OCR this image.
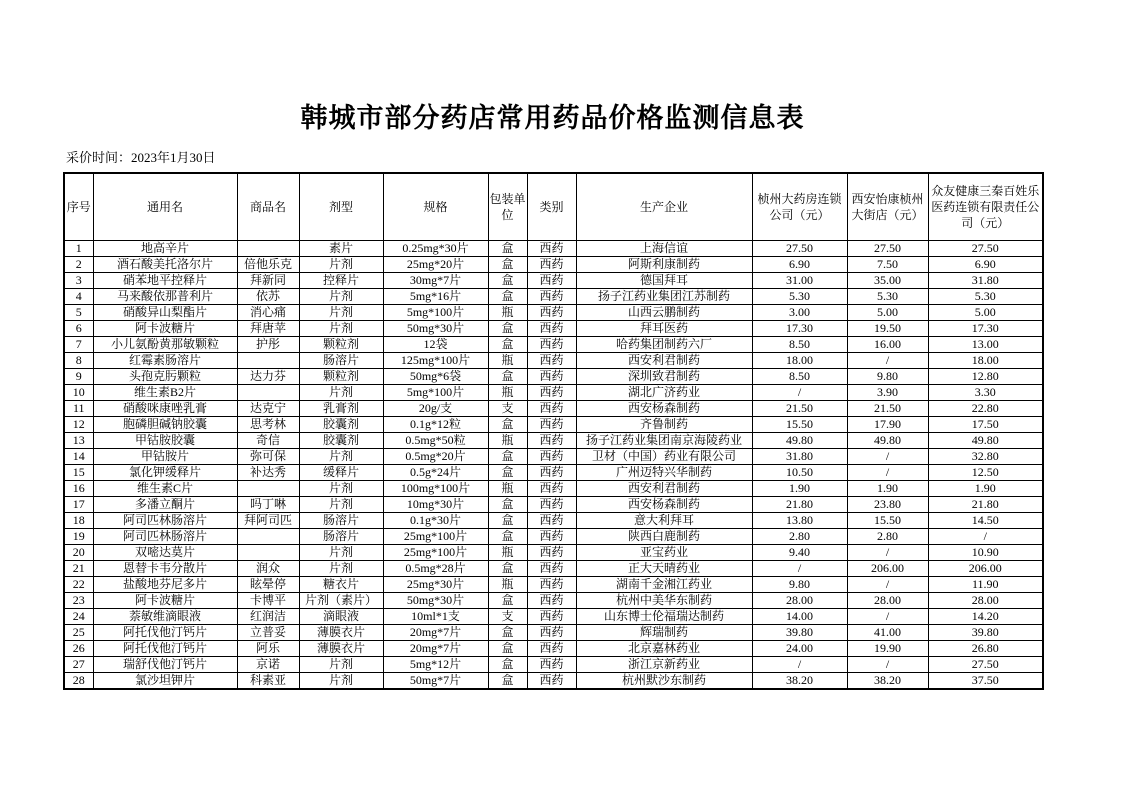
韩城市部分药店常用药品价格监测信息表
采价时间：2023年1月30日
序号	通用名	商品名	剂型	规格	包装单位	类别	生产企业	桢州大药房连锁公司（元）	西安怡康桢州大街店（元）	众友健康三秦百姓乐医药连锁有限责任公司（元）
1	地高辛片		素片	0.25mg*30片	盒	西药	上海信谊	27.50	27.50	27.50
2	酒石酸美托洛尔片	倍他乐克	片剂	25mg*20片	盒	西药	阿斯利康制药	6.90	7.50	6.90
3	硝苯地平控释片	拜新同	控释片	30mg*7片	盒	西药	德国拜耳	31.00	35.00	31.80
4	马来酸依那普利片	依苏	片剂	5mg*16片	盒	西药	扬子江药业集团江苏制药	5.30	5.30	5.30
5	硝酸异山梨酯片	消心痛	片剂	5mg*100片	瓶	西药	山西云鹏制药	3.00	5.00	5.00
6	阿卡波糖片	拜唐苹	片剂	50mg*30片	盒	西药	拜耳医药	17.30	19.50	17.30
7	小儿氨酚黄那敏颗粒	护彤	颗粒剂	12袋	盒	西药	哈药集团制药六厂	8.50	16.00	13.00
8	红霉素肠溶片		肠溶片	125mg*100片	瓶	西药	西安利君制药	18.00	/	18.00
9	头孢克肟颗粒	达力芬	颗粒剂	50mg*6袋	盒	西药	深圳致君制药	8.50	9.80	12.80
10	维生素B2片		片剂	5mg*100片	瓶	西药	湖北广济药业	/	3.90	3.30
11	硝酸咪康唑乳膏	达克宁	乳膏剂	20g/支	支	西药	西安杨森制药	21.50	21.50	22.80
12	胞磷胆碱钠胶囊	思考林	胶囊剂	0.1g*12粒	盒	西药	齐鲁制药	15.50	17.90	17.50
13	甲钴胺胶囊	奇信	胶囊剂	0.5mg*50粒	瓶	西药	扬子江药业集团南京海陵药业	49.80	49.80	49.80
14	甲钴胺片	弥可保	片剂	0.5mg*20片	盒	西药	卫材（中国）药业有限公司	31.80	/	32.80
15	氯化钾缓释片	补达秀	缓释片	0.5g*24片	盒	西药	广州迈特兴华制药	10.50	/	12.50
16	维生素C片		片剂	100mg*100片	瓶	西药	西安利君制药	1.90	1.90	1.90
17	多潘立酮片	吗丁啉	片剂	10mg*30片	盒	西药	西安杨森制药	21.80	23.80	21.80
18	阿司匹林肠溶片	拜阿司匹	肠溶片	0.1g*30片	盒	西药	意大利拜耳	13.80	15.50	14.50
19	阿司匹林肠溶片		肠溶片	25mg*100片	盒	西药	陕西白鹿制药	2.80	2.80	/
20	双嘧达莫片		片剂	25mg*100片	瓶	西药	亚宝药业	9.40	/	10.90
21	恩替卡韦分散片	润众	片剂	0.5mg*28片	盒	西药	正大天晴药业	/	206.00	206.00
22	盐酸地芬尼多片	眩晕停	糖衣片	25mg*30片	瓶	西药	湖南千金湘江药业	9.80	/	11.90
23	阿卡波糖片	卡博平	片剂（素片）	50mg*30片	盒	西药	杭州中美华东制药	28.00	28.00	28.00
24	萘敏维滴眼液	红润洁	滴眼液	10ml*1支	支	西药	山东博士伦福瑞达制药	14.00	/	14.20
25	阿托伐他汀钙片	立普妥	薄膜衣片	20mg*7片	盒	西药	辉瑞制药	39.80	41.00	39.80
26	阿托伐他汀钙片	阿乐	薄膜衣片	20mg*7片	盒	西药	北京嘉林药业	24.00	19.90	26.80
27	瑞舒伐他汀钙片	京诺	片剂	5mg*12片	盒	西药	浙江京新药业	/	/	27.50
28	氯沙坦钾片	科素亚	片剂	50mg*7片	盒	西药	杭州默沙东制药	38.20	38.20	37.50
